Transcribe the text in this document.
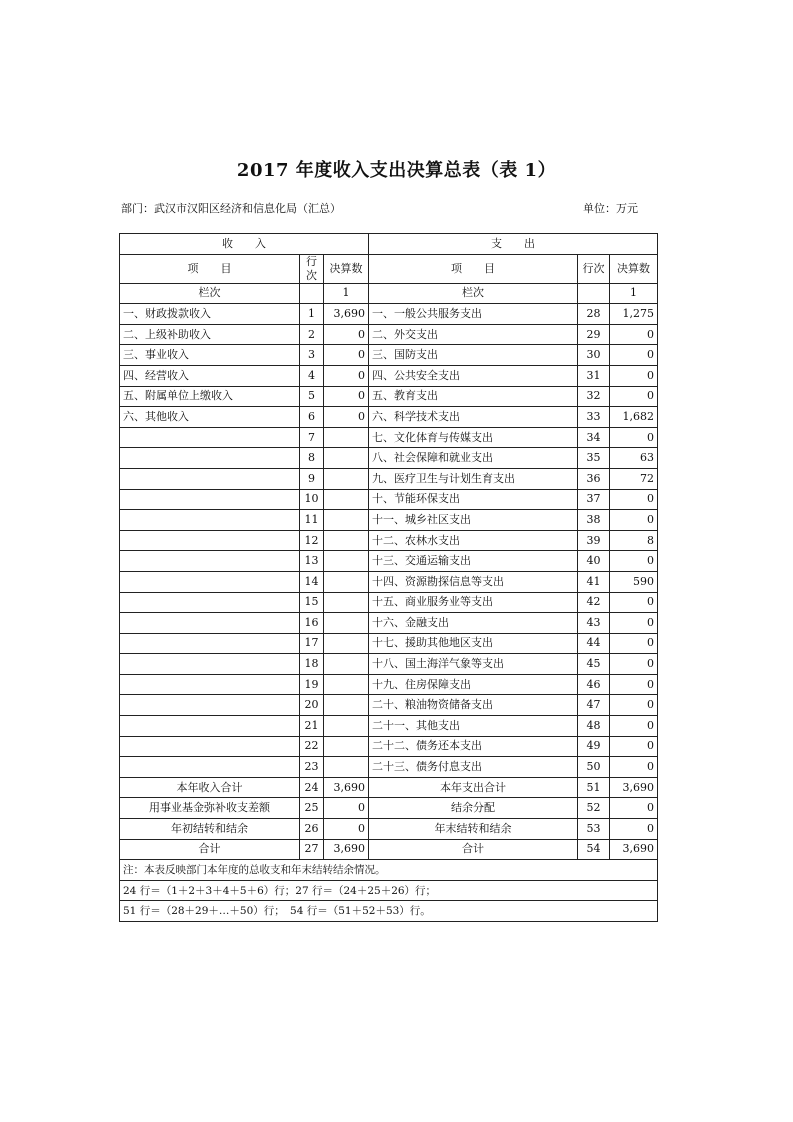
2017 年度收入支出决算总表（表 1）
部门：武汉市汉阳区经济和信息化局（汇总）	单位：万元
收　　入			支　　出		
项　　目	行次	决算数	项　　目	行次	决算数
栏次		1	栏次		1
一、财政拨款收入	1	3,690	一、一般公共服务支出	28	1,275
二、上级补助收入	2	0	二、外交支出	29	0
三、事业收入	3	0	三、国防支出	30	0
四、经营收入	4	0	四、公共安全支出	31	0
五、附属单位上缴收入	5	0	五、教育支出	32	0
六、其他收入	6	0	六、科学技术支出	33	1,682
	7		七、文化体育与传媒支出	34	0
	8		八、社会保障和就业支出	35	63
	9		九、医疗卫生与计划生育支出	36	72
	10		十、节能环保支出	37	0
	11		十一、城乡社区支出	38	0
	12		十二、农林水支出	39	8
	13		十三、交通运输支出	40	0
	14		十四、资源勘探信息等支出	41	590
	15		十五、商业服务业等支出	42	0
	16		十六、金融支出	43	0
	17		十七、援助其他地区支出	44	0
	18		十八、国土海洋气象等支出	45	0
	19		十九、住房保障支出	46	0
	20		二十、粮油物资储备支出	47	0
	21		二十一、其他支出	48	0
	22		二十二、债务还本支出	49	0
	23		二十三、债务付息支出	50	0
本年收入合计	24	3,690	本年支出合计	51	3,690
用事业基金弥补收支差额	25	0	结余分配	52	0
年初结转和结余	26	0	年末结转和结余	53	0
合计	27	3,690	合计	54	3,690
注：本表反映部门本年度的总收支和年末结转结余情况。					
24 行＝（1＋2＋3＋4＋5＋6）行；27 行＝（24＋25＋26）行；					
51 行＝（28＋29＋…＋50）行；　54 行＝（51＋52＋53）行。					
